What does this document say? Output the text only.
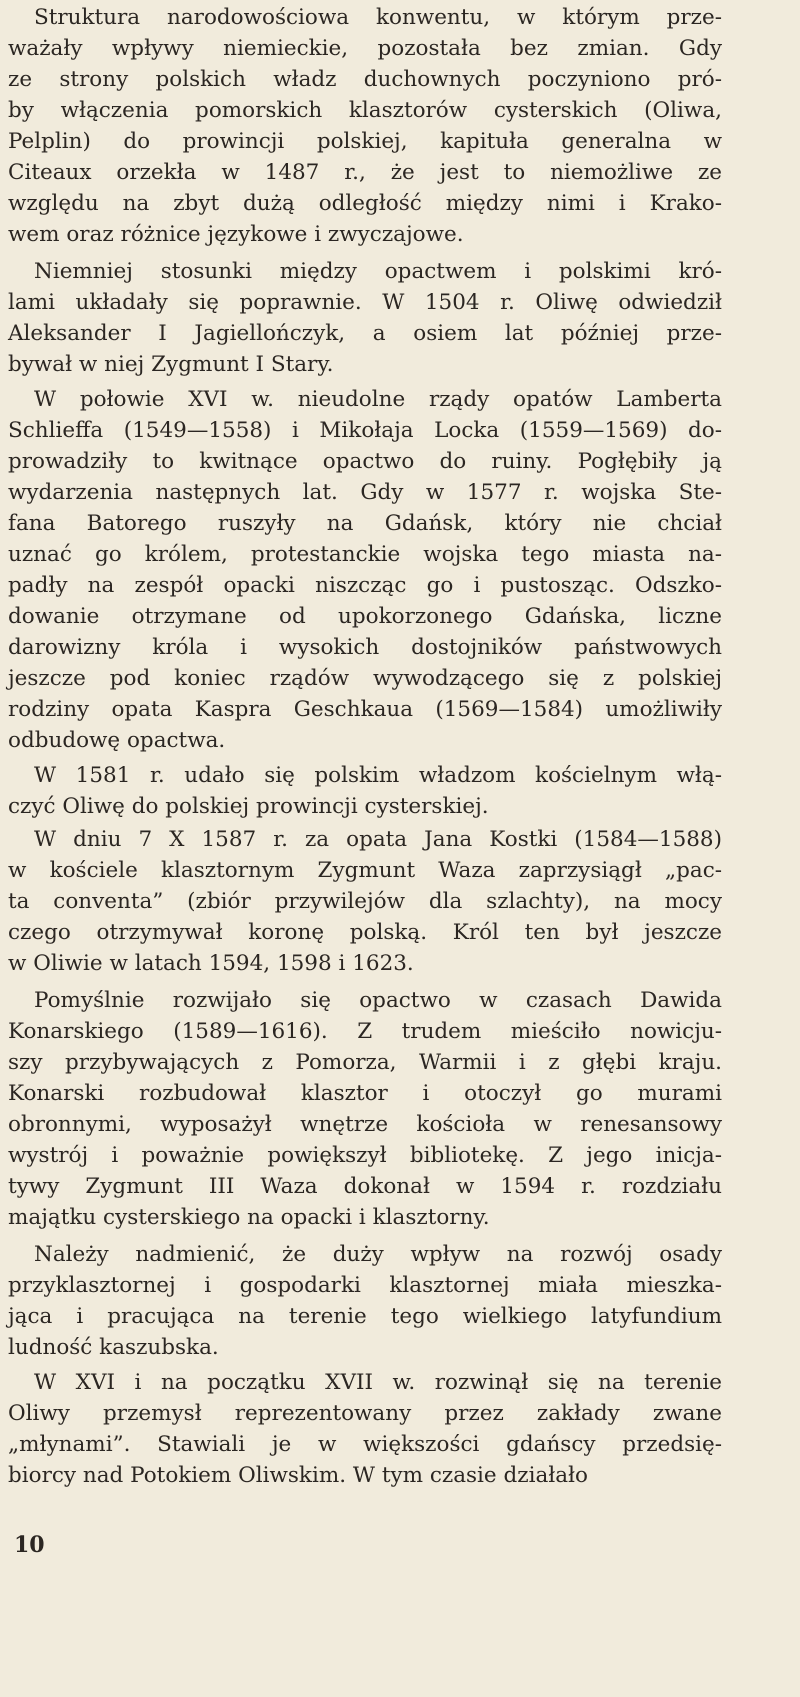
Struktura narodowościowa konwentu, w którym prze-
ważały wpływy niemieckie, pozostała bez zmian. Gdy
ze strony polskich władz duchownych poczyniono pró-
by włączenia pomorskich klasztorów cysterskich (Oliwa,
Pelplin) do prowincji polskiej, kapituła generalna w
Citeaux orzekła w 1487 r., że jest to niemożliwe ze
względu na zbyt dużą odległość między nimi i Krako-
wem oraz różnice językowe i zwyczajowe.
Niemniej stosunki między opactwem i polskimi kró-
lami układały się poprawnie. W 1504 r. Oliwę odwiedził
Aleksander I Jagiellończyk, a osiem lat później prze-
bywał w niej Zygmunt I Stary.
W połowie XVI w. nieudolne rządy opatów Lamberta
Schlieffa (1549—1558) i Mikołaja Locka (1559—1569) do-
prowadziły to kwitnące opactwo do ruiny. Pogłębiły ją
wydarzenia następnych lat. Gdy w 1577 r. wojska Ste-
fana Batorego ruszyły na Gdańsk, który nie chciał
uznać go królem, protestanckie wojska tego miasta na-
padły na zespół opacki niszcząc go i pustosząc. Odszko-
dowanie otrzymane od upokorzonego Gdańska, liczne
darowizny króla i wysokich dostojników państwowych
jeszcze pod koniec rządów wywodzącego się z polskiej
rodziny opata Kaspra Geschkaua (1569—1584) umożliwiły
odbudowę opactwa.
W 1581 r. udało się polskim władzom kościelnym włą-
czyć Oliwę do polskiej prowincji cysterskiej.
W dniu 7 X 1587 r. za opata Jana Kostki (1584—1588)
w kościele klasztornym Zygmunt Waza zaprzysiągł „pac-
ta conventa” (zbiór przywilejów dla szlachty), na mocy
czego otrzymywał koronę polską. Król ten był jeszcze
w Oliwie w latach 1594, 1598 i 1623.
Pomyślnie rozwijało się opactwo w czasach Dawida
Konarskiego (1589—1616). Z trudem mieściło nowicju-
szy przybywających z Pomorza, Warmii i z głębi kraju.
Konarski rozbudował klasztor i otoczył go murami
obronnymi, wyposażył wnętrze kościoła w renesansowy
wystrój i poważnie powiększył bibliotekę. Z jego inicja-
tywy Zygmunt III Waza dokonał w 1594 r. rozdziału
majątku cysterskiego na opacki i klasztorny.
Należy nadmienić, że duży wpływ na rozwój osady
przyklasztornej i gospodarki klasztornej miała mieszka-
jąca i pracująca na terenie tego wielkiego latyfundium
ludność kaszubska.
W XVI i na początku XVII w. rozwinął się na terenie
Oliwy przemysł reprezentowany przez zakłady zwane
„młynami”. Stawiali je w większości gdańscy przedsię-
biorcy nad Potokiem Oliwskim. W tym czasie działało
10
